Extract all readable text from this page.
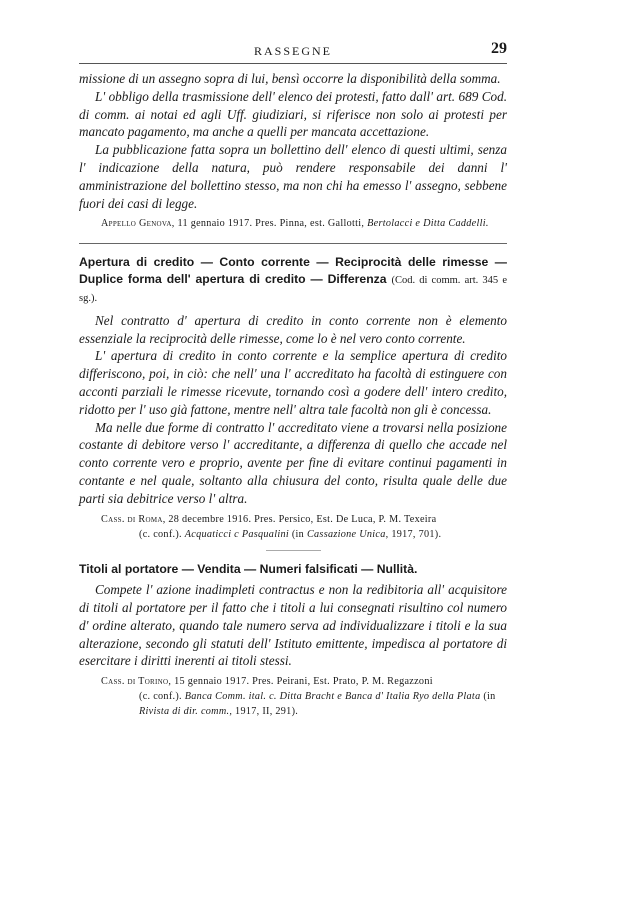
RASSEGNE	29

missione di un assegno sopra di lui, bensì occorre la disponibilità della somma.

L' obbligo della trasmissione dell' elenco dei protesti, fatto dall' art. 689 Cod. di comm. ai notai ed agli Uff. giudiziari, si riferisce non solo ai protesti per mancato pagamento, ma anche a quelli per mancata accettazione.

La pubblicazione fatta sopra un bollettino dell' elenco di questi ultimi, senza l' indicazione della natura, può rendere responsabile dei danni l' amministrazione del bollettino stesso, ma non chi ha emesso l' assegno, sebbene fuori dei casi di legge.

Appello Genova, 11 gennaio 1917. Pres. Pinna, est. Gallotti, Bertolacci e Ditta Caddelli.
Apertura di credito — Conto corrente — Reciprocità delle rimesse — Duplice forma dell' apertura di credito — Differenza (Cod. di comm. art. 345 e sg.).

Nel contratto d' apertura di credito in conto corrente non è elemento essenziale la reciprocità delle rimesse, come lo è nel vero conto corrente.

L' apertura di credito in conto corrente e la semplice apertura di credito differiscono, poi, in ciò: che nell' una l' accreditato ha facoltà di estinguere con acconti parziali le rimesse ricevute, tornando così a godere dell' intero credito, ridotto per l' uso già fattone, mentre nell' altra tale facoltà non gli è concessa.

Ma nelle due forme di contratto l' accreditato viene a trovarsi nella posizione costante di debitore verso l' accreditante, a differenza di quello che accade nel conto corrente vero e proprio, avente per fine di evitare continui pagamenti in contante e nel quale, soltanto alla chiusura del conto, risulta quale delle due parti sia debitrice verso l' altra.

Cass. di Roma, 28 decembre 1916. Pres. Persico, Est. De Luca, P. M. Texeira
(c. conf.). Acquaticci c Pasqualini (in Cassazione Unica, 1917, 701).
Titoli al portatore — Vendita — Numeri falsificati — Nullità.

Compete l' azione inadimpleti contractus e non la redibitoria all' acquisitore di titoli al portatore per il fatto che i titoli a lui consegnati risultino col numero d' ordine alterato, quando tale numero serva ad individualizzare i titoli e la sua alterazione, secondo gli statuti dell' Istituto emittente, impedisca al portatore di esercitare i diritti inerenti ai titoli stessi.

Cass. di Torino, 15 gennaio 1917. Pres. Peirani, Est. Prato, P. M. Regazzoni
(c. conf.). Banca Comm. ital. c. Ditta Bracht e Banca d' Italia Ryo della Plata (in Rivista di dir. comm., 1917, II, 291).
